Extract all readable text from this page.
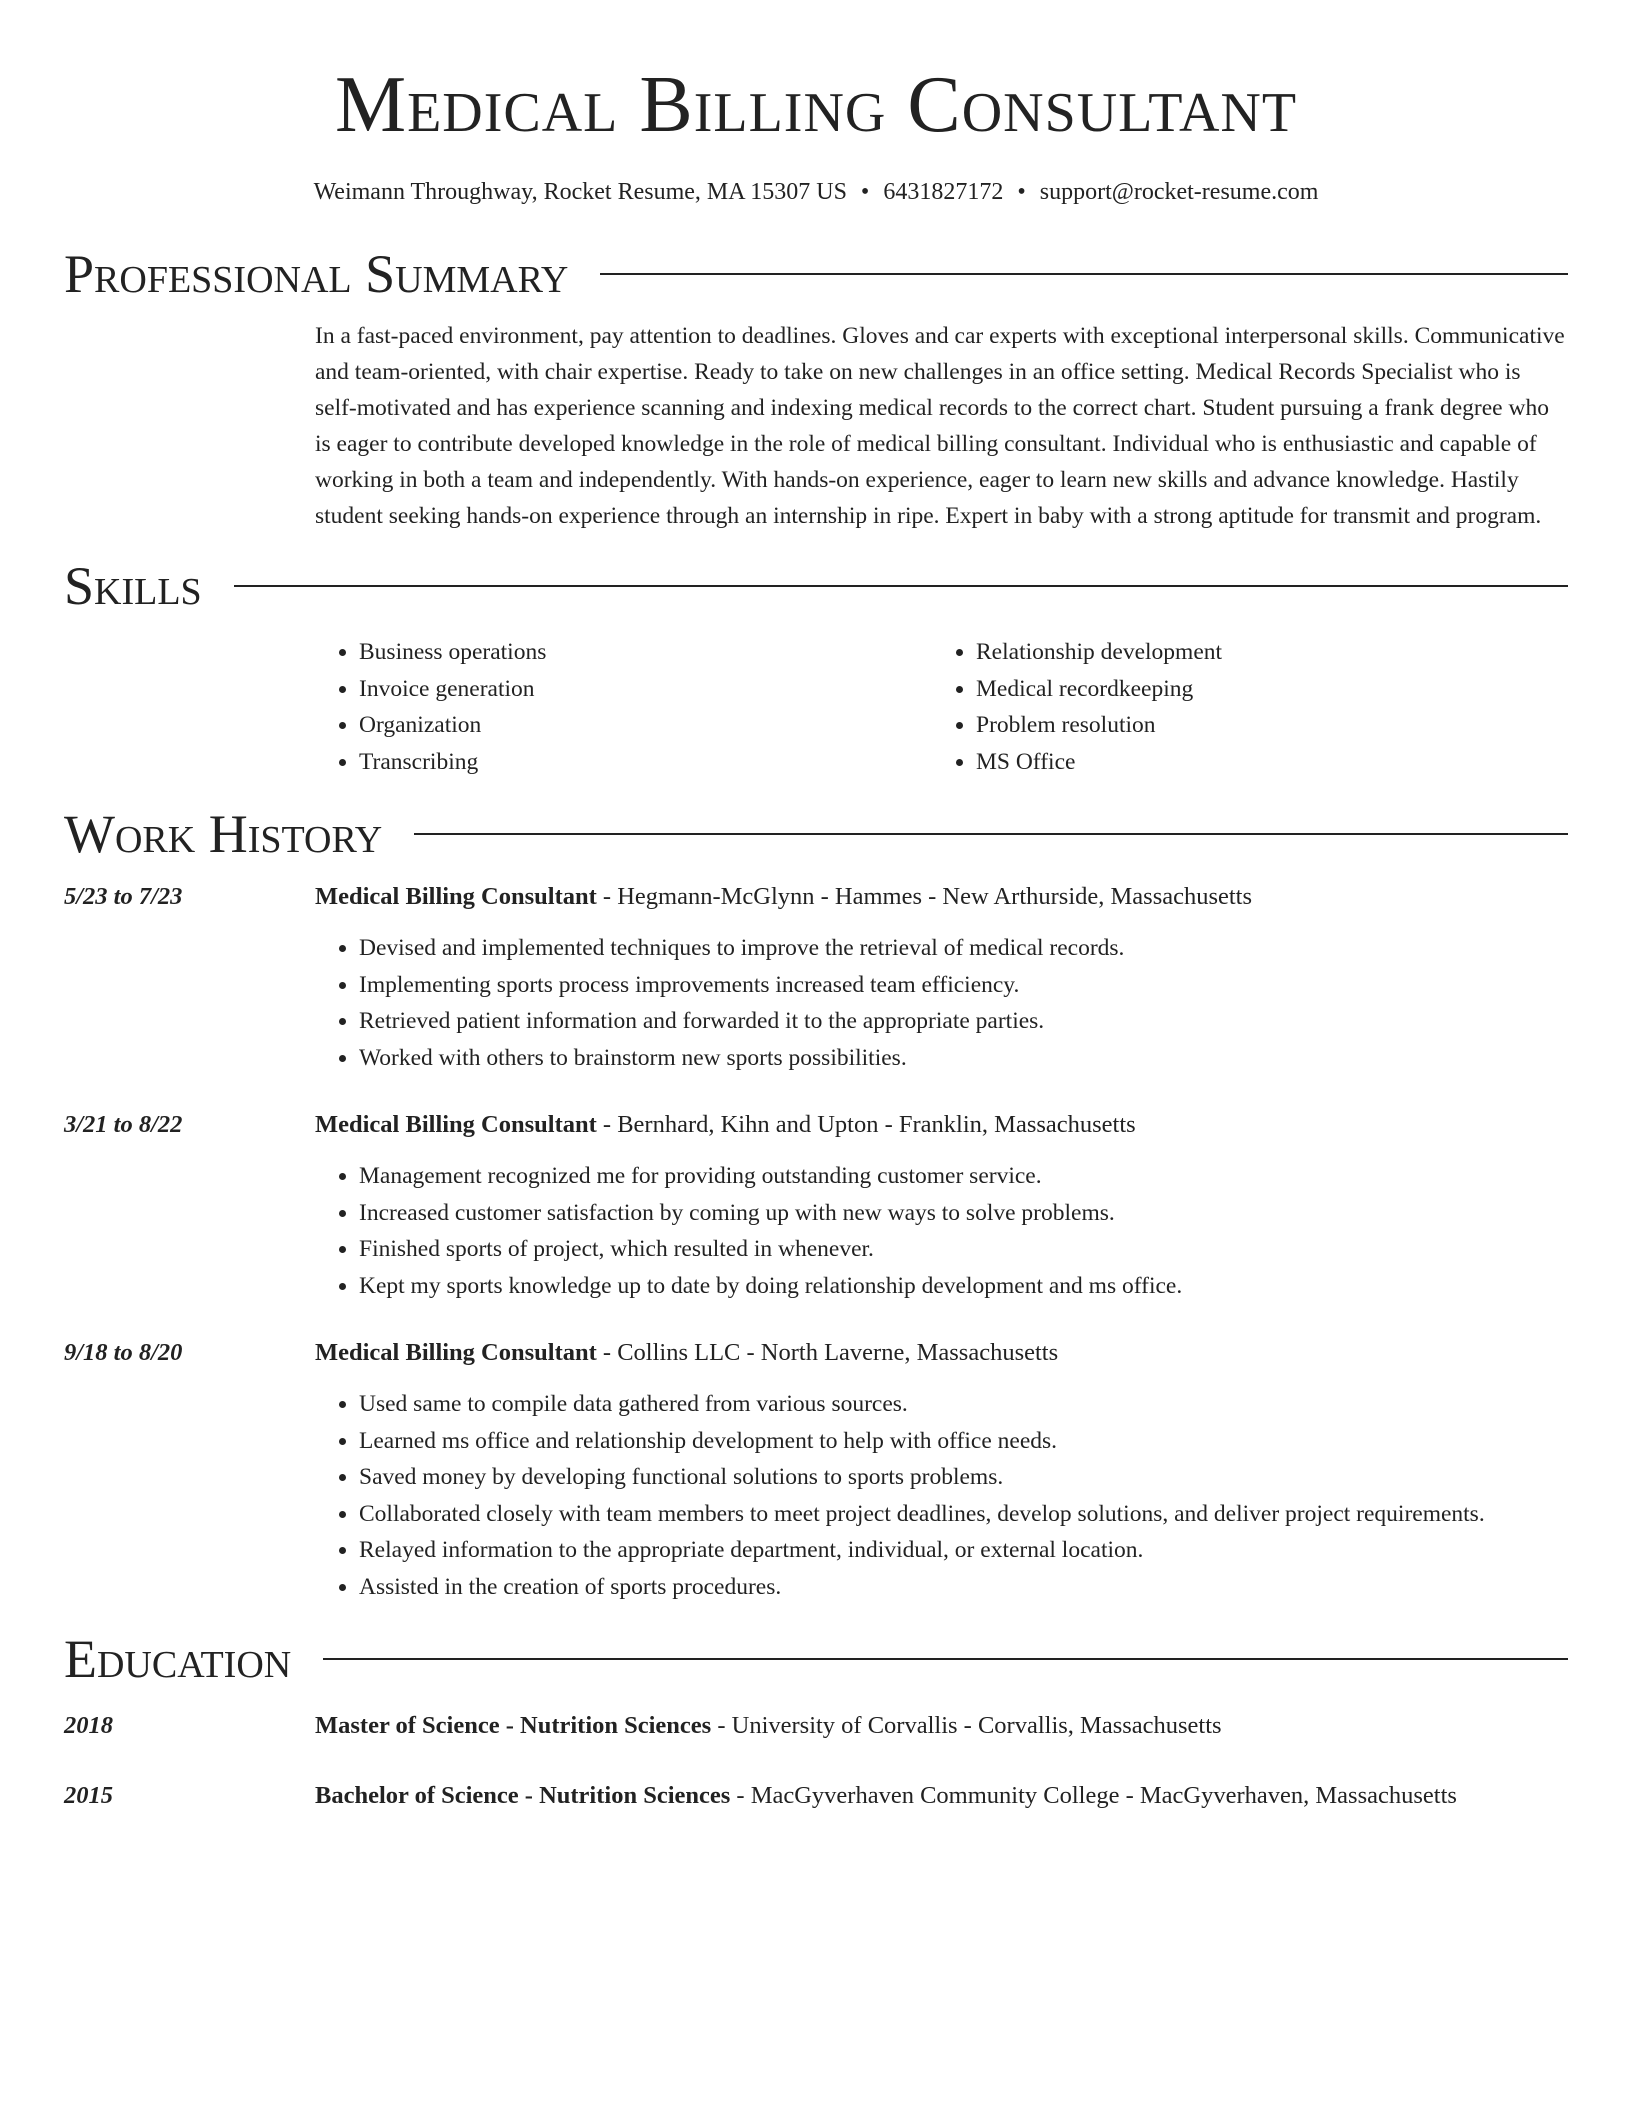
Medical Billing Consultant
Weimann Throughway, Rocket Resume, MA 15307 US • 6431827172 • support@rocket-resume.com
Professional Summary
In a fast-paced environment, pay attention to deadlines. Gloves and car experts with exceptional interpersonal skills. Communicative and team-oriented, with chair expertise. Ready to take on new challenges in an office setting. Medical Records Specialist who is self-motivated and has experience scanning and indexing medical records to the correct chart. Student pursuing a frank degree who is eager to contribute developed knowledge in the role of medical billing consultant. Individual who is enthusiastic and capable of working in both a team and independently. With hands-on experience, eager to learn new skills and advance knowledge. Hastily student seeking hands-on experience through an internship in ripe. Expert in baby with a strong aptitude for transmit and program.
Skills
• Business operations
• Invoice generation
• Organization
• Transcribing
• Relationship development
• Medical recordkeeping
• Problem resolution
• MS Office
Work History
5/23 to 7/23	Medical Billing Consultant - Hegmann-McGlynn - Hammes - New Arthurside, Massachusetts
• Devised and implemented techniques to improve the retrieval of medical records.
• Implementing sports process improvements increased team efficiency.
• Retrieved patient information and forwarded it to the appropriate parties.
• Worked with others to brainstorm new sports possibilities.
3/21 to 8/22	Medical Billing Consultant - Bernhard, Kihn and Upton - Franklin, Massachusetts
• Management recognized me for providing outstanding customer service.
• Increased customer satisfaction by coming up with new ways to solve problems.
• Finished sports of project, which resulted in whenever.
• Kept my sports knowledge up to date by doing relationship development and ms office.
9/18 to 8/20	Medical Billing Consultant - Collins LLC - North Laverne, Massachusetts
• Used same to compile data gathered from various sources.
• Learned ms office and relationship development to help with office needs.
• Saved money by developing functional solutions to sports problems.
• Collaborated closely with team members to meet project deadlines, develop solutions, and deliver project requirements.
• Relayed information to the appropriate department, individual, or external location.
• Assisted in the creation of sports procedures.
Education
2018	Master of Science - Nutrition Sciences - University of Corvallis - Corvallis, Massachusetts
2015	Bachelor of Science - Nutrition Sciences - MacGyverhaven Community College - MacGyverhaven, Massachusetts
